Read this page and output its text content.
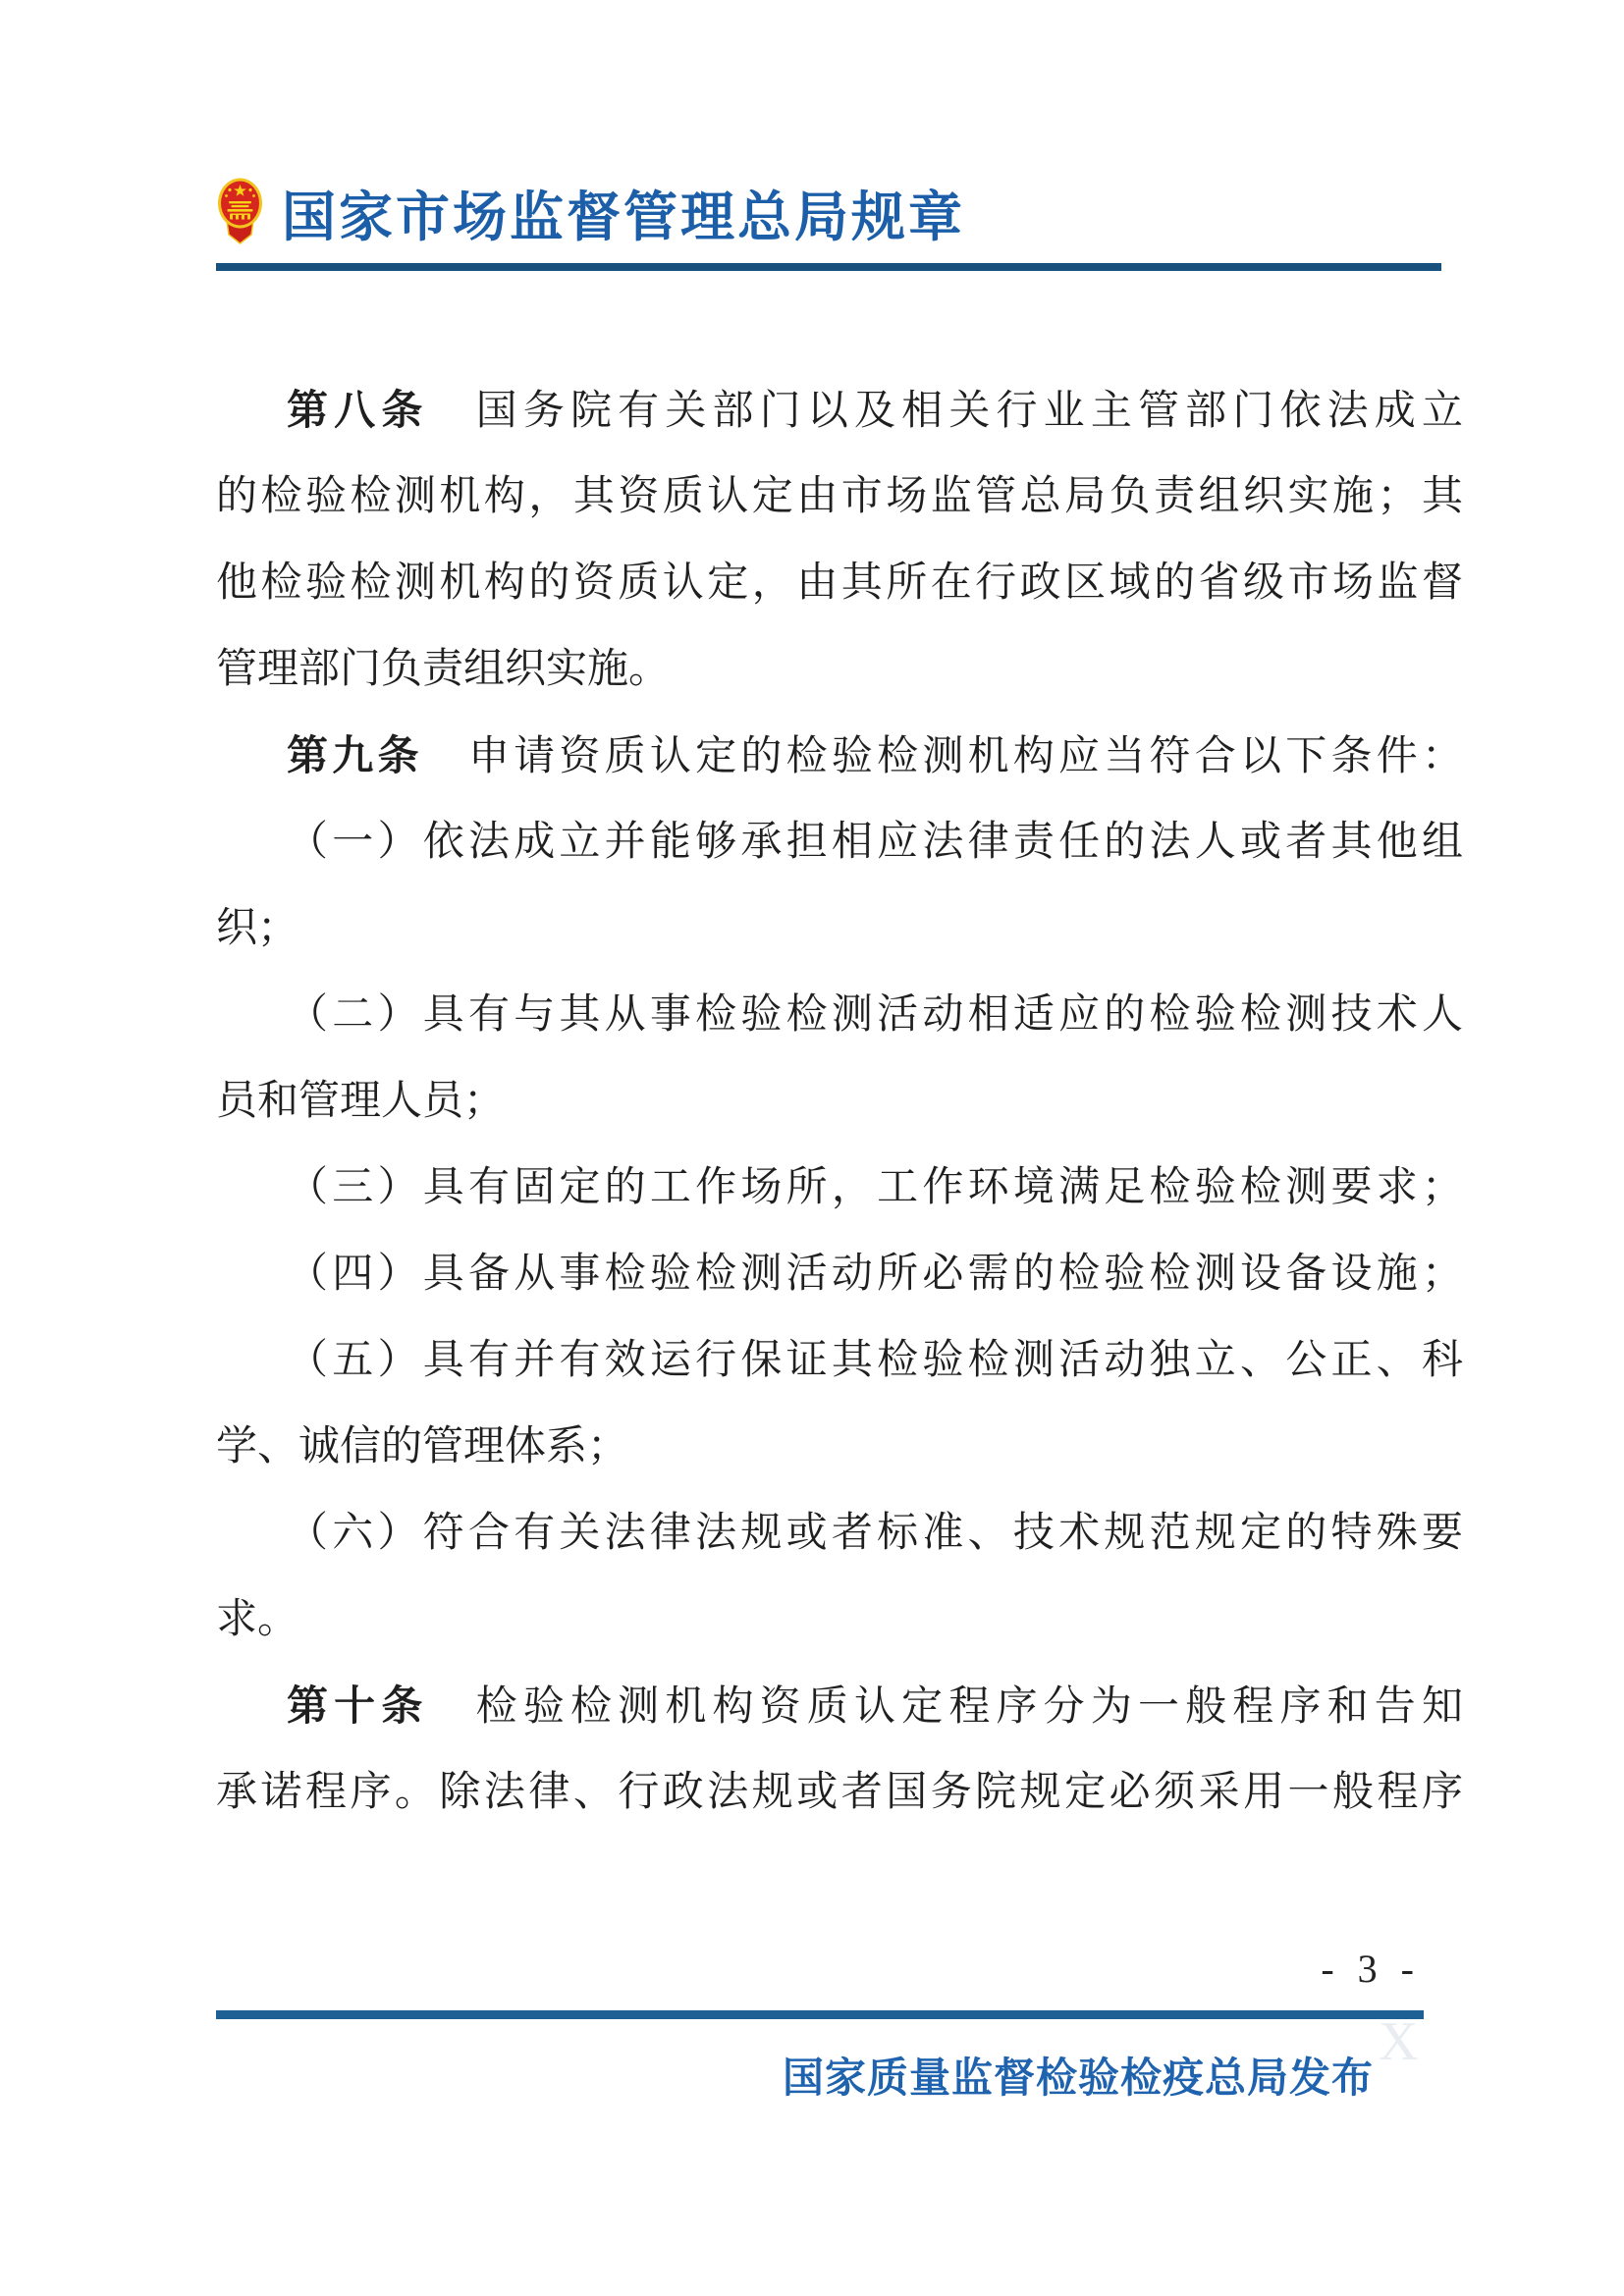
国家市场监督管理总局规章
第八条　国务院有关部门以及相关行业主管部门依法成立
的检验检测机构，其资质认定由市场监管总局负责组织实施；其
他检验检测机构的资质认定，由其所在行政区域的省级市场监督
管理部门负责组织实施。
第九条　申请资质认定的检验检测机构应当符合以下条件：
（一）依法成立并能够承担相应法律责任的法人或者其他组
织；
（二）具有与其从事检验检测活动相适应的检验检测技术人
员和管理人员；
（三）具有固定的工作场所，工作环境满足检验检测要求；
（四）具备从事检验检测活动所必需的检验检测设备设施；
（五）具有并有效运行保证其检验检测活动独立、公正、科
学、诚信的管理体系；
（六）符合有关法律法规或者标准、技术规范规定的特殊要
求。
第十条　检验检测机构资质认定程序分为一般程序和告知
承诺程序。除法律、行政法规或者国务院规定必须采用一般程序
- 3 -
X
国家质量监督检验检疫总局发布
